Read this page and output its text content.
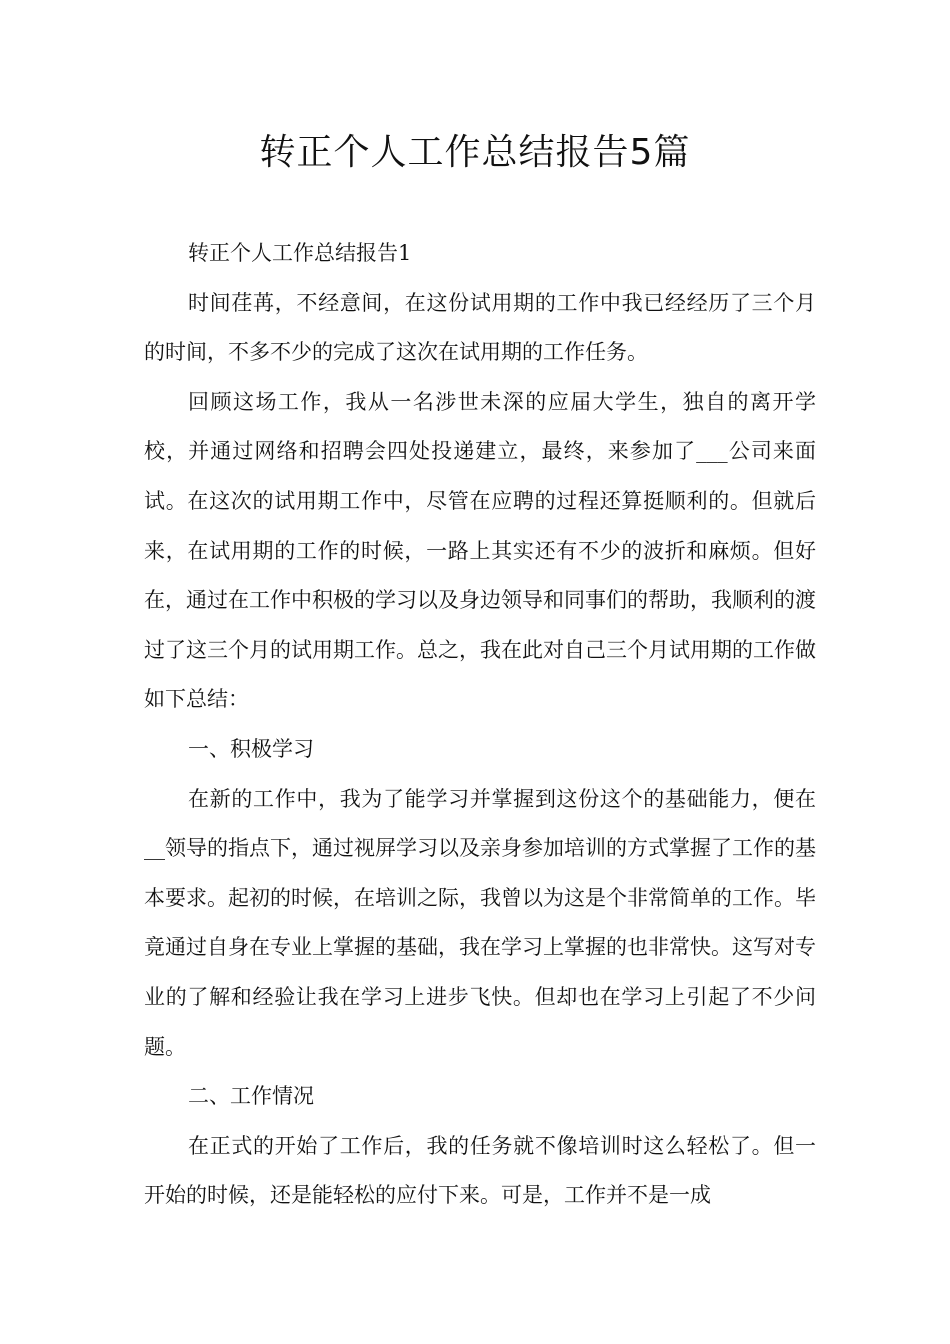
转正个人工作总结报告5篇

转正个人工作总结报告1

时间荏苒，不经意间，在这份试用期的工作中我已经经历了三个月的时间，不多不少的完成了这次在试用期的工作任务。

回顾这场工作，我从一名涉世未深的应届大学生，独自的离开学校，并通过网络和招聘会四处投递建立，最终，来参加了___公司来面试。在这次的试用期工作中，尽管在应聘的过程还算挺顺利的。但就后来，在试用期的工作的时候，一路上其实还有不少的波折和麻烦。但好在，通过在工作中积极的学习以及身边领导和同事们的帮助，我顺利的渡过了这三个月的试用期工作。总之，我在此对自己三个月试用期的工作做如下总结：

一、积极学习

在新的工作中，我为了能学习并掌握到这份这个的基础能力，便在__领导的指点下，通过视屏学习以及亲身参加培训的方式掌握了工作的基本要求。起初的时候，在培训之际，我曾以为这是个非常简单的工作。毕竟通过自身在专业上掌握的基础，我在学习上掌握的也非常快。这写对专业的了解和经验让我在学习上进步飞快。但却也在学习上引起了不少问题。

二、工作情况

在正式的开始了工作后，我的任务就不像培训时这么轻松了。但一开始的时候，还是能轻松的应付下来。可是，工作并不是一成
